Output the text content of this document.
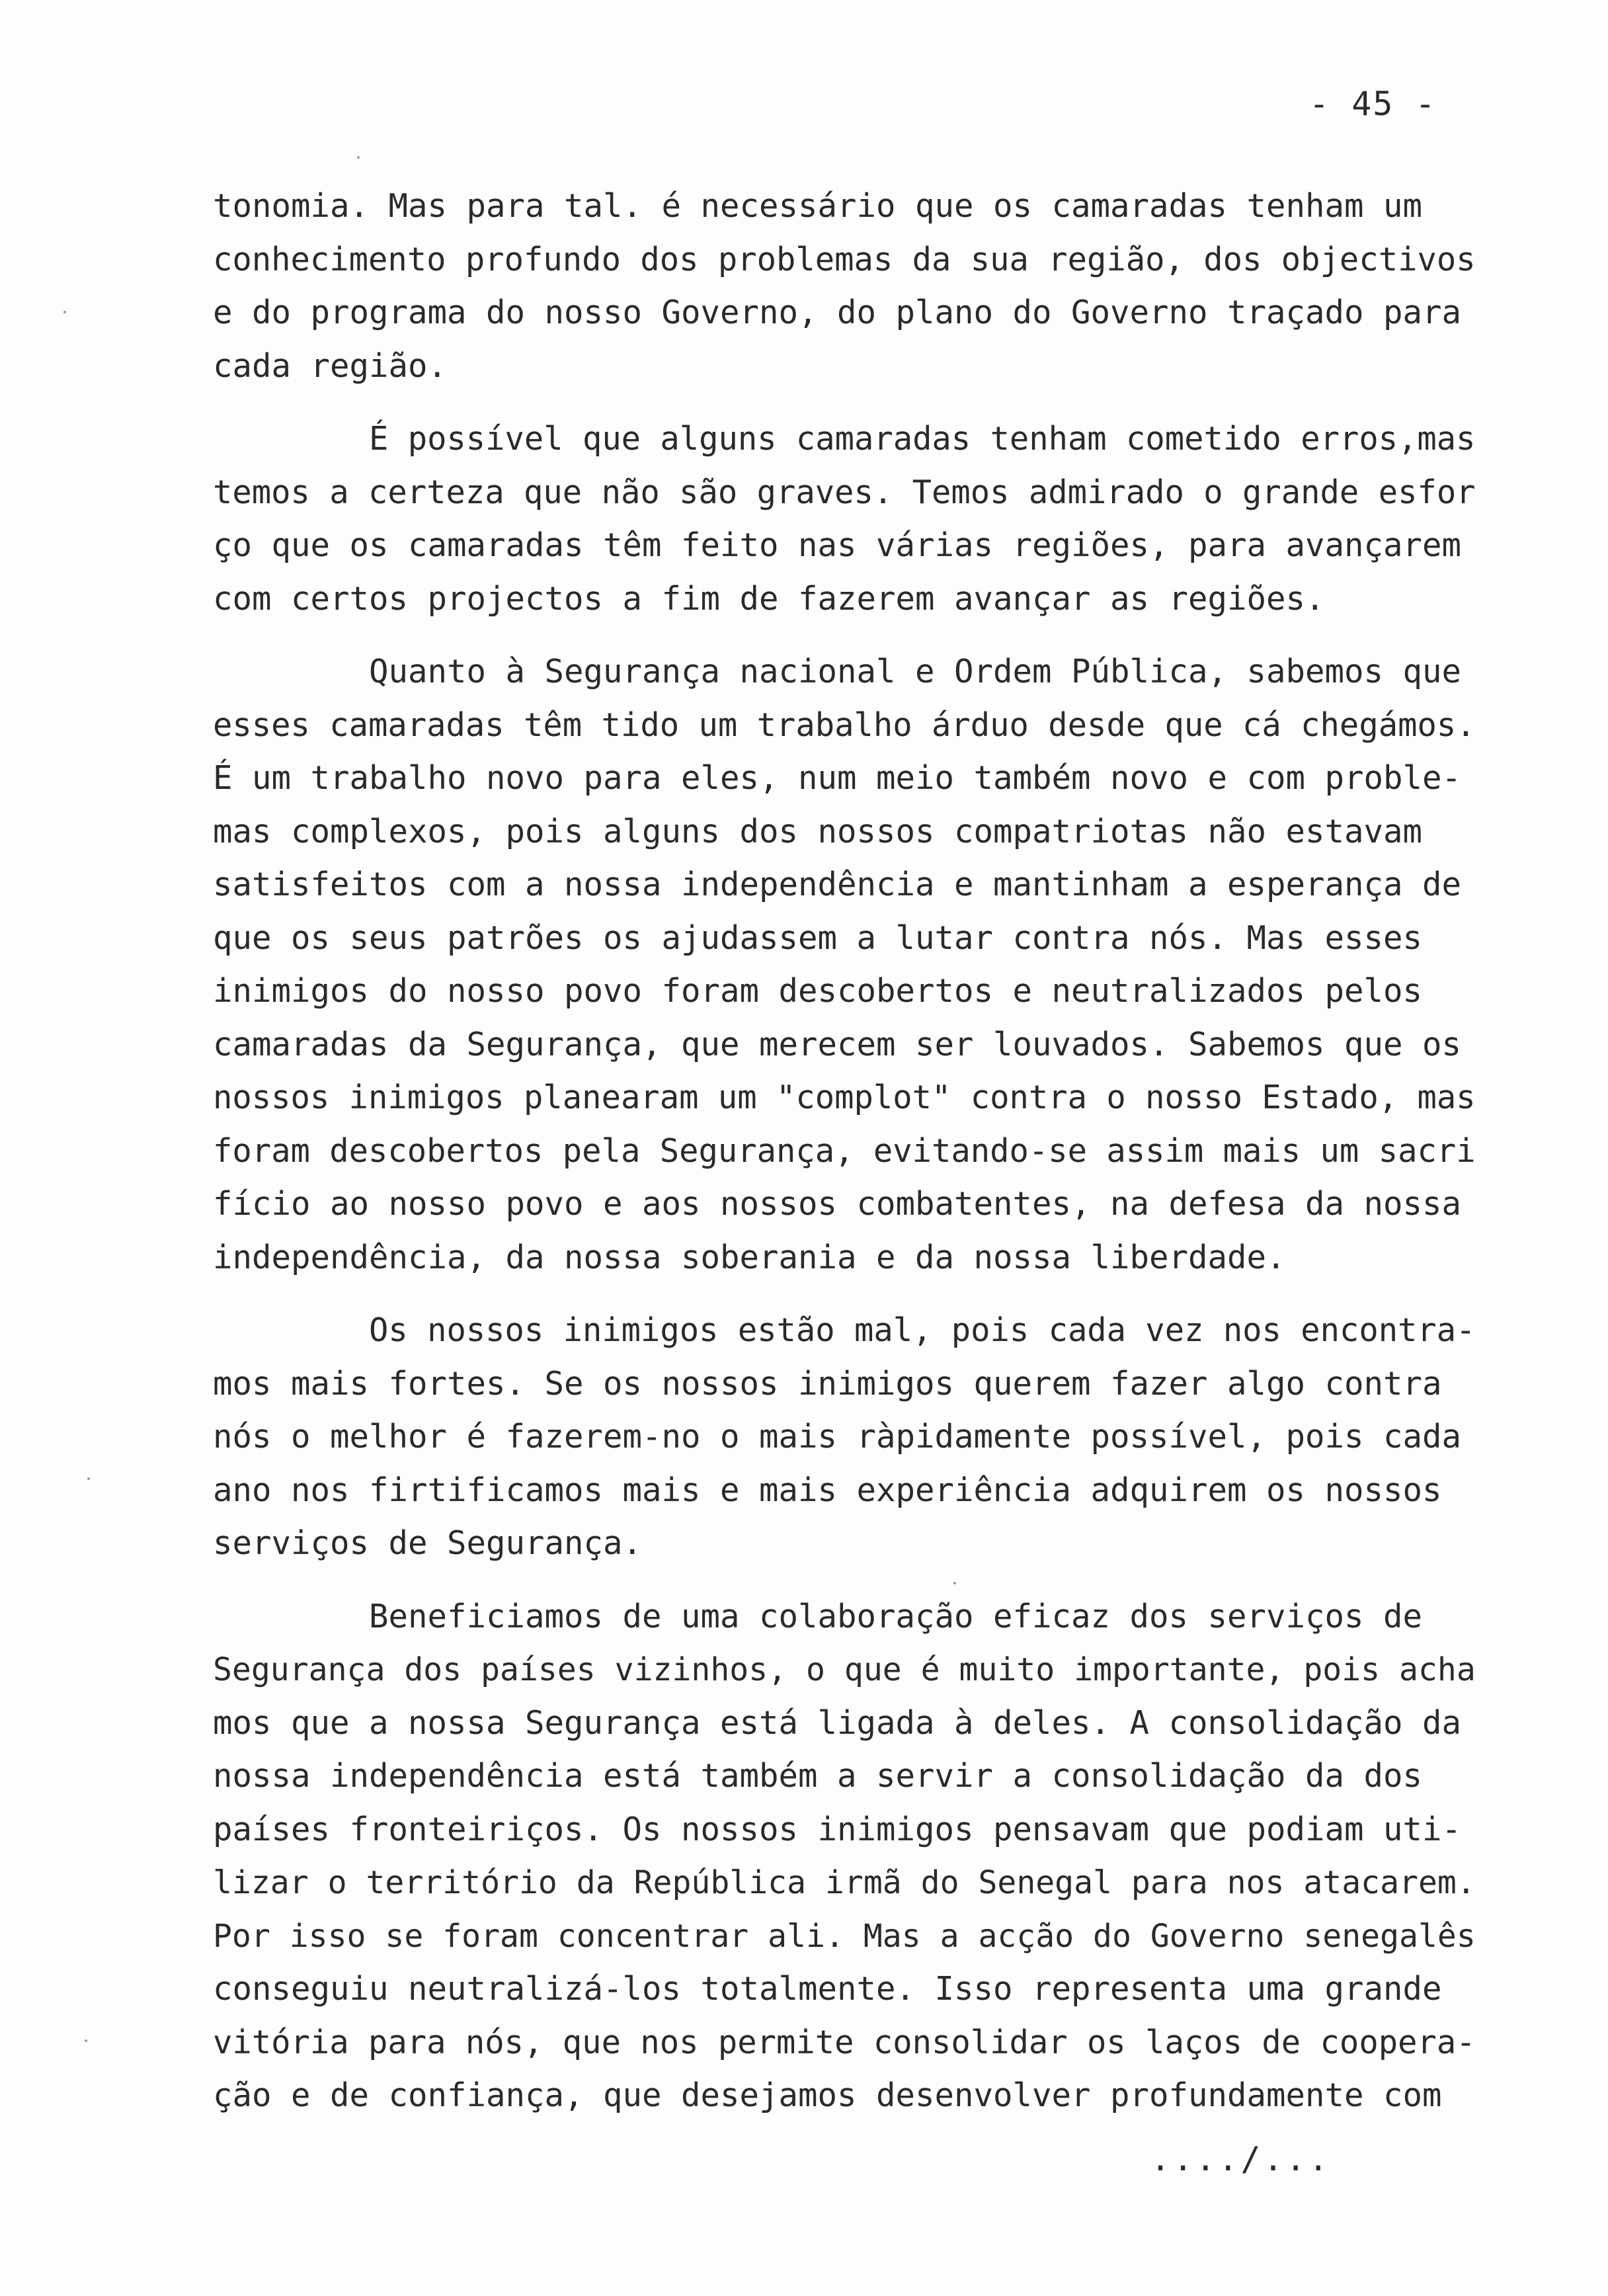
- 45 -
tonomia. Mas para tal. é necessário que os camaradas tenham um
conhecimento profundo dos problemas da sua região, dos objectivos
e do programa do nosso Governo, do plano do Governo traçado para
cada região.
É possível que alguns camaradas tenham cometido erros,mas
temos a certeza que não são graves. Temos admirado o grande esfor
ço que os camaradas têm feito nas várias regiões, para avançarem
com certos projectos a fim de fazerem avançar as regiões.
Quanto à Segurança nacional e Ordem Pública, sabemos que
esses camaradas têm tido um trabalho árduo desde que cá chegámos.
É um trabalho novo para eles, num meio também novo e com proble-
mas complexos, pois alguns dos nossos compatriotas não estavam
satisfeitos com a nossa independência e mantinham a esperança de
que os seus patrões os ajudassem a lutar contra nós. Mas esses
inimigos do nosso povo foram descobertos e neutralizados pelos
camaradas da Segurança, que merecem ser louvados. Sabemos que os
nossos inimigos planearam um "complot" contra o nosso Estado, mas
foram descobertos pela Segurança, evitando-se assim mais um sacri
fício ao nosso povo e aos nossos combatentes, na defesa da nossa
independência, da nossa soberania e da nossa liberdade.
Os nossos inimigos estão mal, pois cada vez nos encontra-
mos mais fortes. Se os nossos inimigos querem fazer algo contra
nós o melhor é fazerem-no o mais ràpidamente possível, pois cada
ano nos firtificamos mais e mais experiência adquirem os nossos
serviços de Segurança.
Beneficiamos de uma colaboração eficaz dos serviços de
Segurança dos países vizinhos, o que é muito importante, pois acha
mos que a nossa Segurança está ligada à deles. A consolidação da
nossa independência está também a servir a consolidação da dos
países fronteiriços. Os nossos inimigos pensavam que podiam uti-
lizar o território da República irmã do Senegal para nos atacarem.
Por isso se foram concentrar ali. Mas a acção do Governo senegalês
conseguiu neutralizá-los totalmente. Isso representa uma grande
vitória para nós, que nos permite consolidar os laços de coopera-
ção e de confiança, que desejamos desenvolver profundamente com
..../...
